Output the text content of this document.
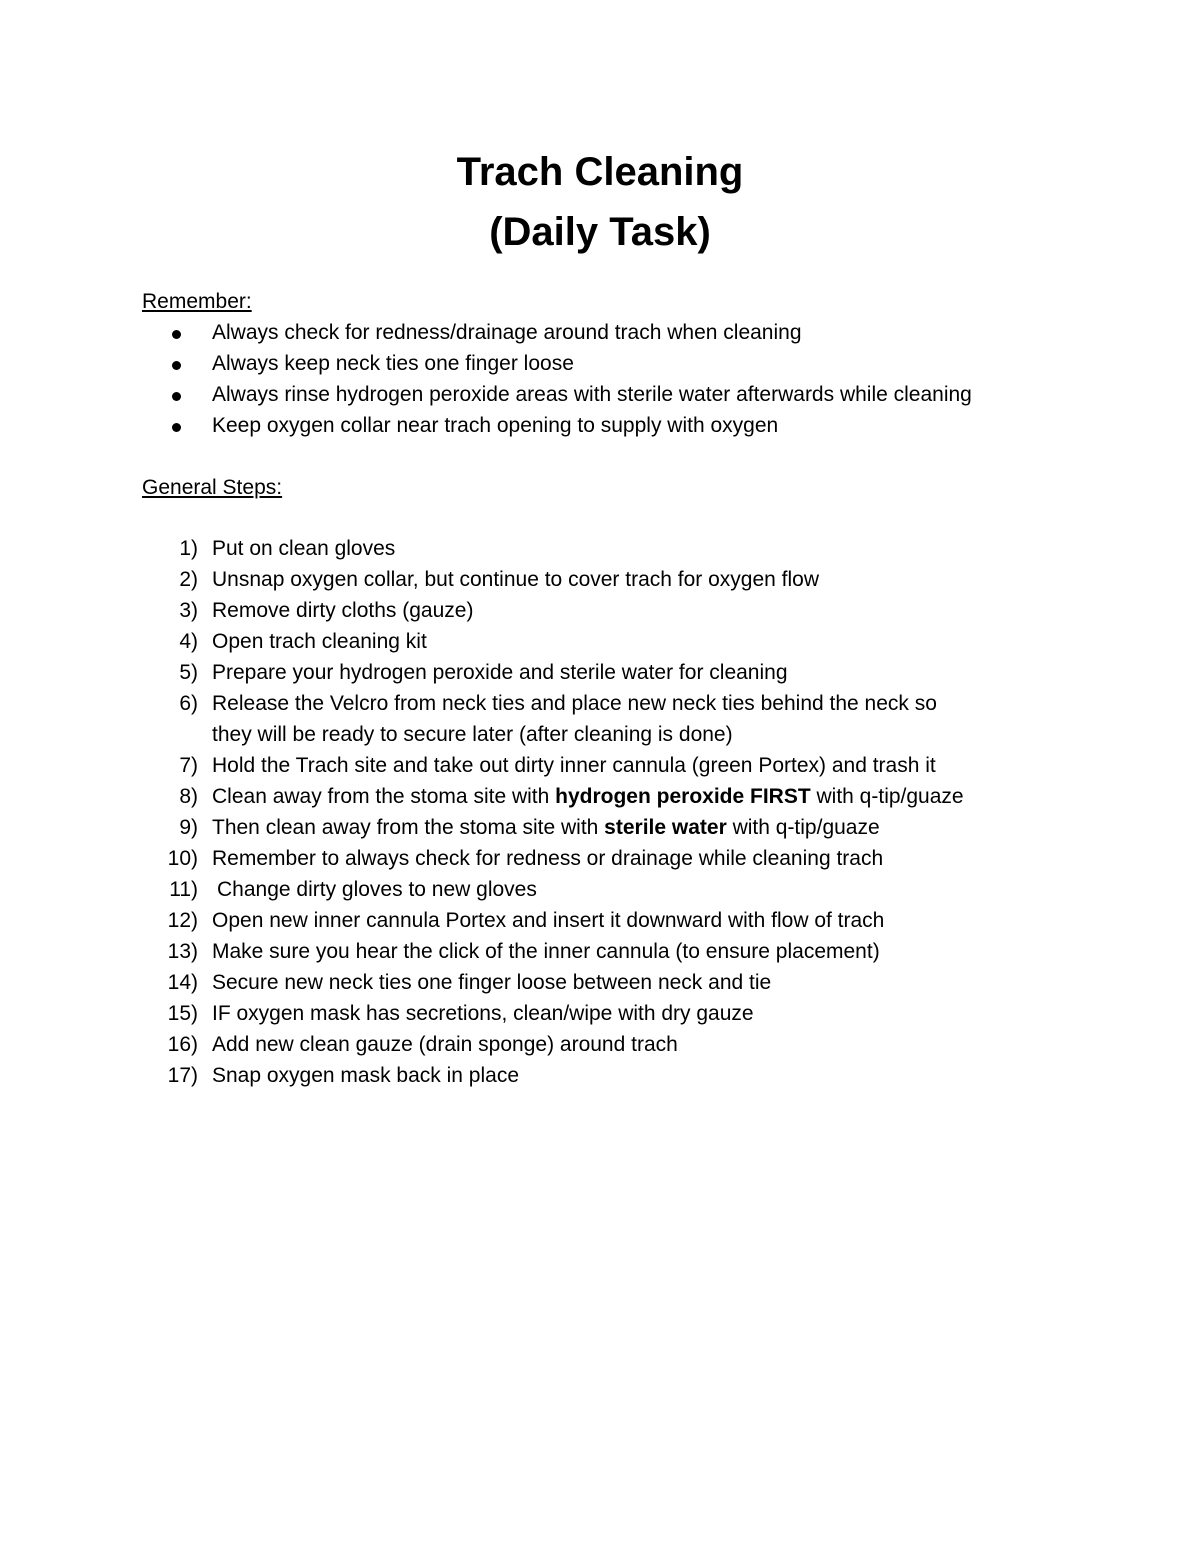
Trach Cleaning
(Daily Task)
Remember:
Always check for redness/drainage around trach when cleaning
Always keep neck ties one finger loose
Always rinse hydrogen peroxide areas with sterile water afterwards while cleaning
Keep oxygen collar near trach opening to supply with oxygen
General Steps:
1) Put on clean gloves
2) Unsnap oxygen collar, but continue to cover trach for oxygen flow
3) Remove dirty cloths (gauze)
4) Open trach cleaning kit
5) Prepare your hydrogen peroxide and sterile water for cleaning
6) Release the Velcro from neck ties and place new neck ties behind the neck so
they will be ready to secure later (after cleaning is done)
7) Hold the Trach site and take out dirty inner cannula (green Portex) and trash it
8) Clean away from the stoma site with hydrogen peroxide FIRST with q-tip/guaze
9) Then clean away from the stoma site with sterile water with q-tip/guaze
10) Remember to always check for redness or drainage while cleaning trach
11) Change dirty gloves to new gloves
12) Open new inner cannula Portex and insert it downward with flow of trach
13) Make sure you hear the click of the inner cannula (to ensure placement)
14) Secure new neck ties one finger loose between neck and tie
15) IF oxygen mask has secretions, clean/wipe with dry gauze
16) Add new clean gauze (drain sponge) around trach
17) Snap oxygen mask back in place
